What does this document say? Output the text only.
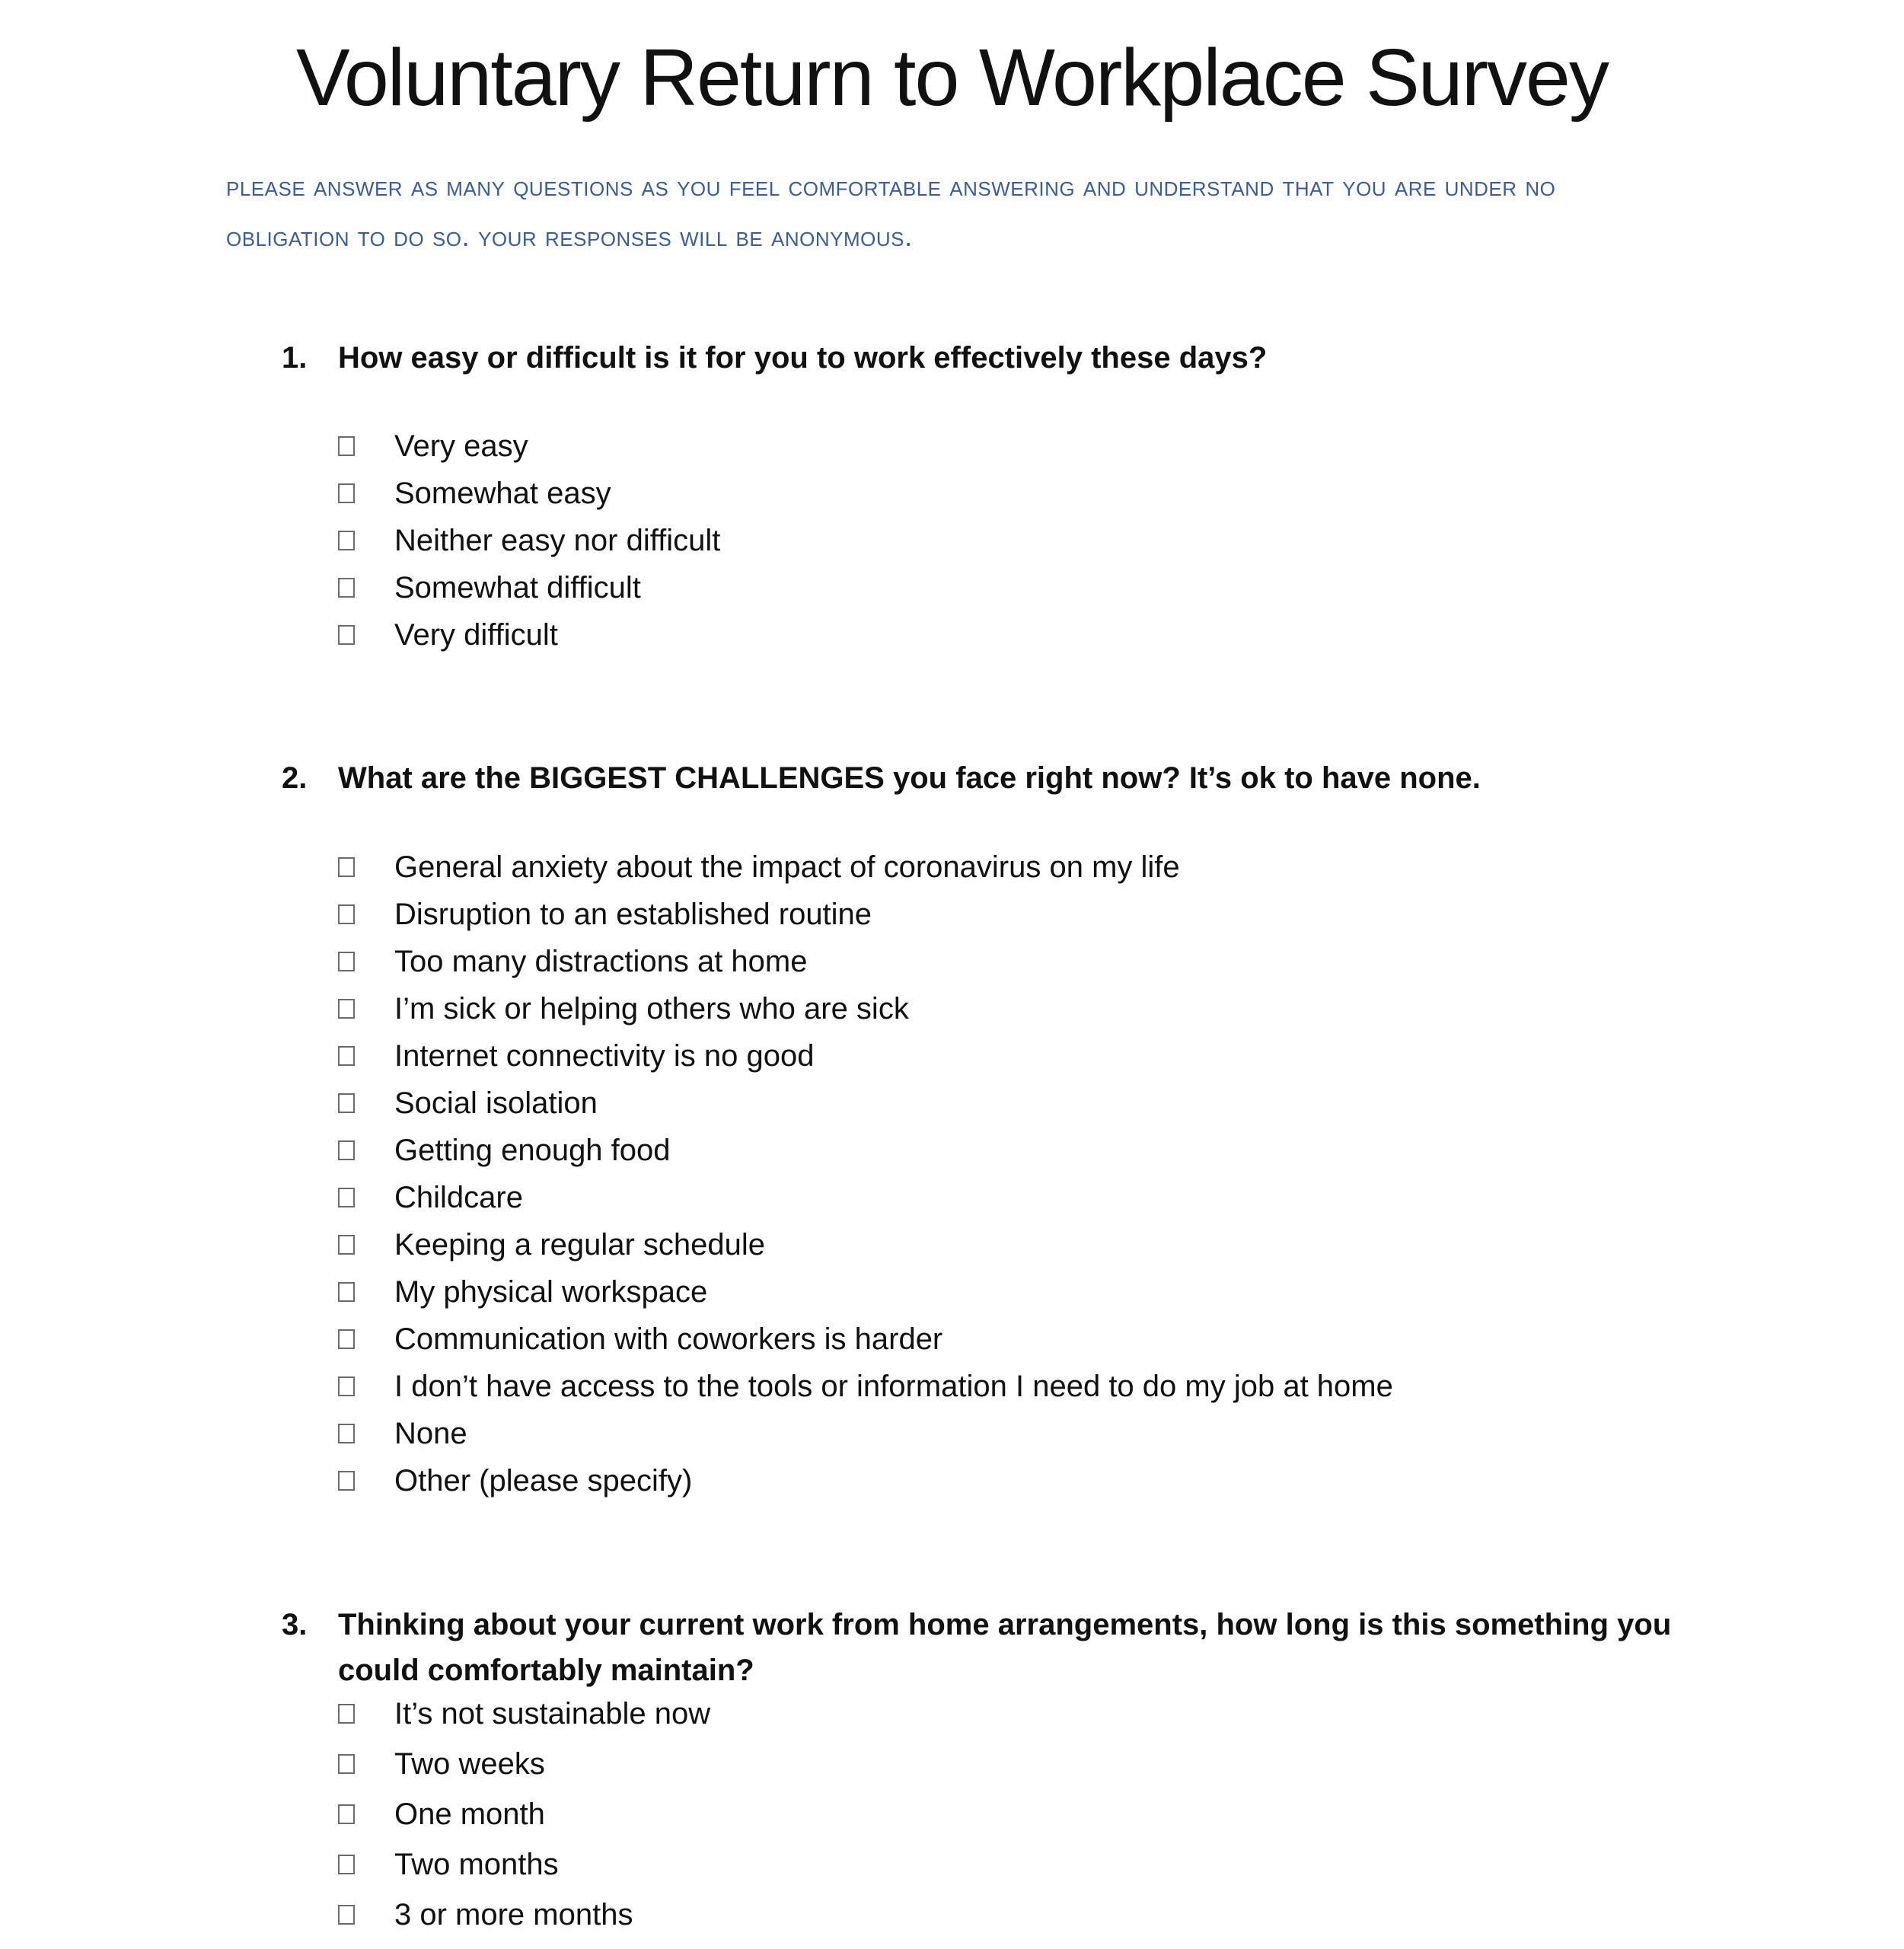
Voluntary Return to Workplace Survey

please answer as many questions as you feel comfortable answering and understand that you are under no obligation to do so. your responses will be anonymous.

1. How easy or difficult is it for you to work effectively these days?
Very easy
Somewhat easy
Neither easy nor difficult
Somewhat difficult
Very difficult
2. What are the BIGGEST CHALLENGES you face right now? It’s ok to have none.
General anxiety about the impact of coronavirus on my life
Disruption to an established routine
Too many distractions at home
I’m sick or helping others who are sick
Internet connectivity is no good
Social isolation
Getting enough food
Childcare
Keeping a regular schedule
My physical workspace
Communication with coworkers is harder
I don’t have access to the tools or information I need to do my job at home
None
Other (please specify)
3. Thinking about your current work from home arrangements, how long is this something you could comfortably maintain?
It’s not sustainable now
Two weeks
One month
Two months
3 or more months
